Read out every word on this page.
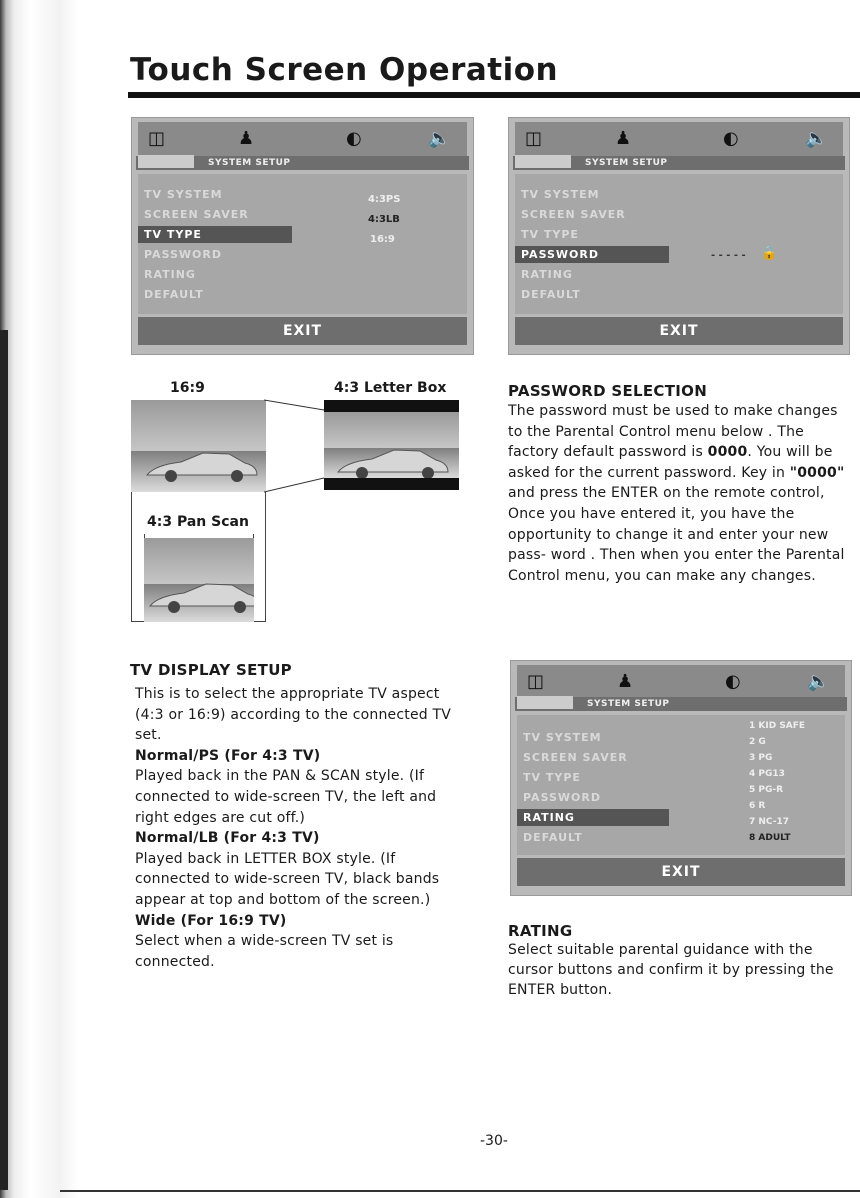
Touch Screen Operation
◫	♟	◐	🔈
SYSTEM SETUP
TV SYSTEM
SCREEN SAVER
TV TYPE
PASSWORD
RATING
DEFAULT
4:3PS
4:3LB
16:9
EXIT
◫	♟	◐	🔈
SYSTEM SETUP
TV SYSTEM
SCREEN SAVER
TV TYPE
PASSWORD
RATING
DEFAULT
- - - - - 🔒
EXIT
16:9	4:3 Letter Box
4:3 Pan Scan
PASSWORD SELECTION
The password must be used to make changes to the Parental Control menu below . The factory default password is 0000. You will be asked for the current password. Key in "0000" and press the ENTER on the remote control, Once you have entered it, you have the opportunity to change it and enter your new pass- word . Then when you enter the Parental Control menu, you can make any changes.
TV DISPLAY SETUP
This is to select the appropriate TV aspect (4:3 or 16:9) according to the connected TV set.
Normal/PS (For 4:3 TV)
Played back in the PAN & SCAN style. (If connected to wide-screen TV, the left and right edges are cut off.)
Normal/LB (For 4:3 TV)
Played back in LETTER BOX style. (If connected to wide-screen TV, black bands appear at top and bottom of the screen.)
Wide (For 16:9 TV)
Select when a wide-screen TV set is connected.
◫	♟	◐	🔈
SYSTEM SETUP
TV SYSTEM
SCREEN SAVER
TV TYPE
PASSWORD
RATING
DEFAULT
1 KID SAFE
2 G
3 PG
4 PG13
5 PG-R
6 R
7 NC-17
8 ADULT
EXIT
RATING
Select suitable parental guidance with the cursor buttons and confirm it by pressing the ENTER button.
-30-
